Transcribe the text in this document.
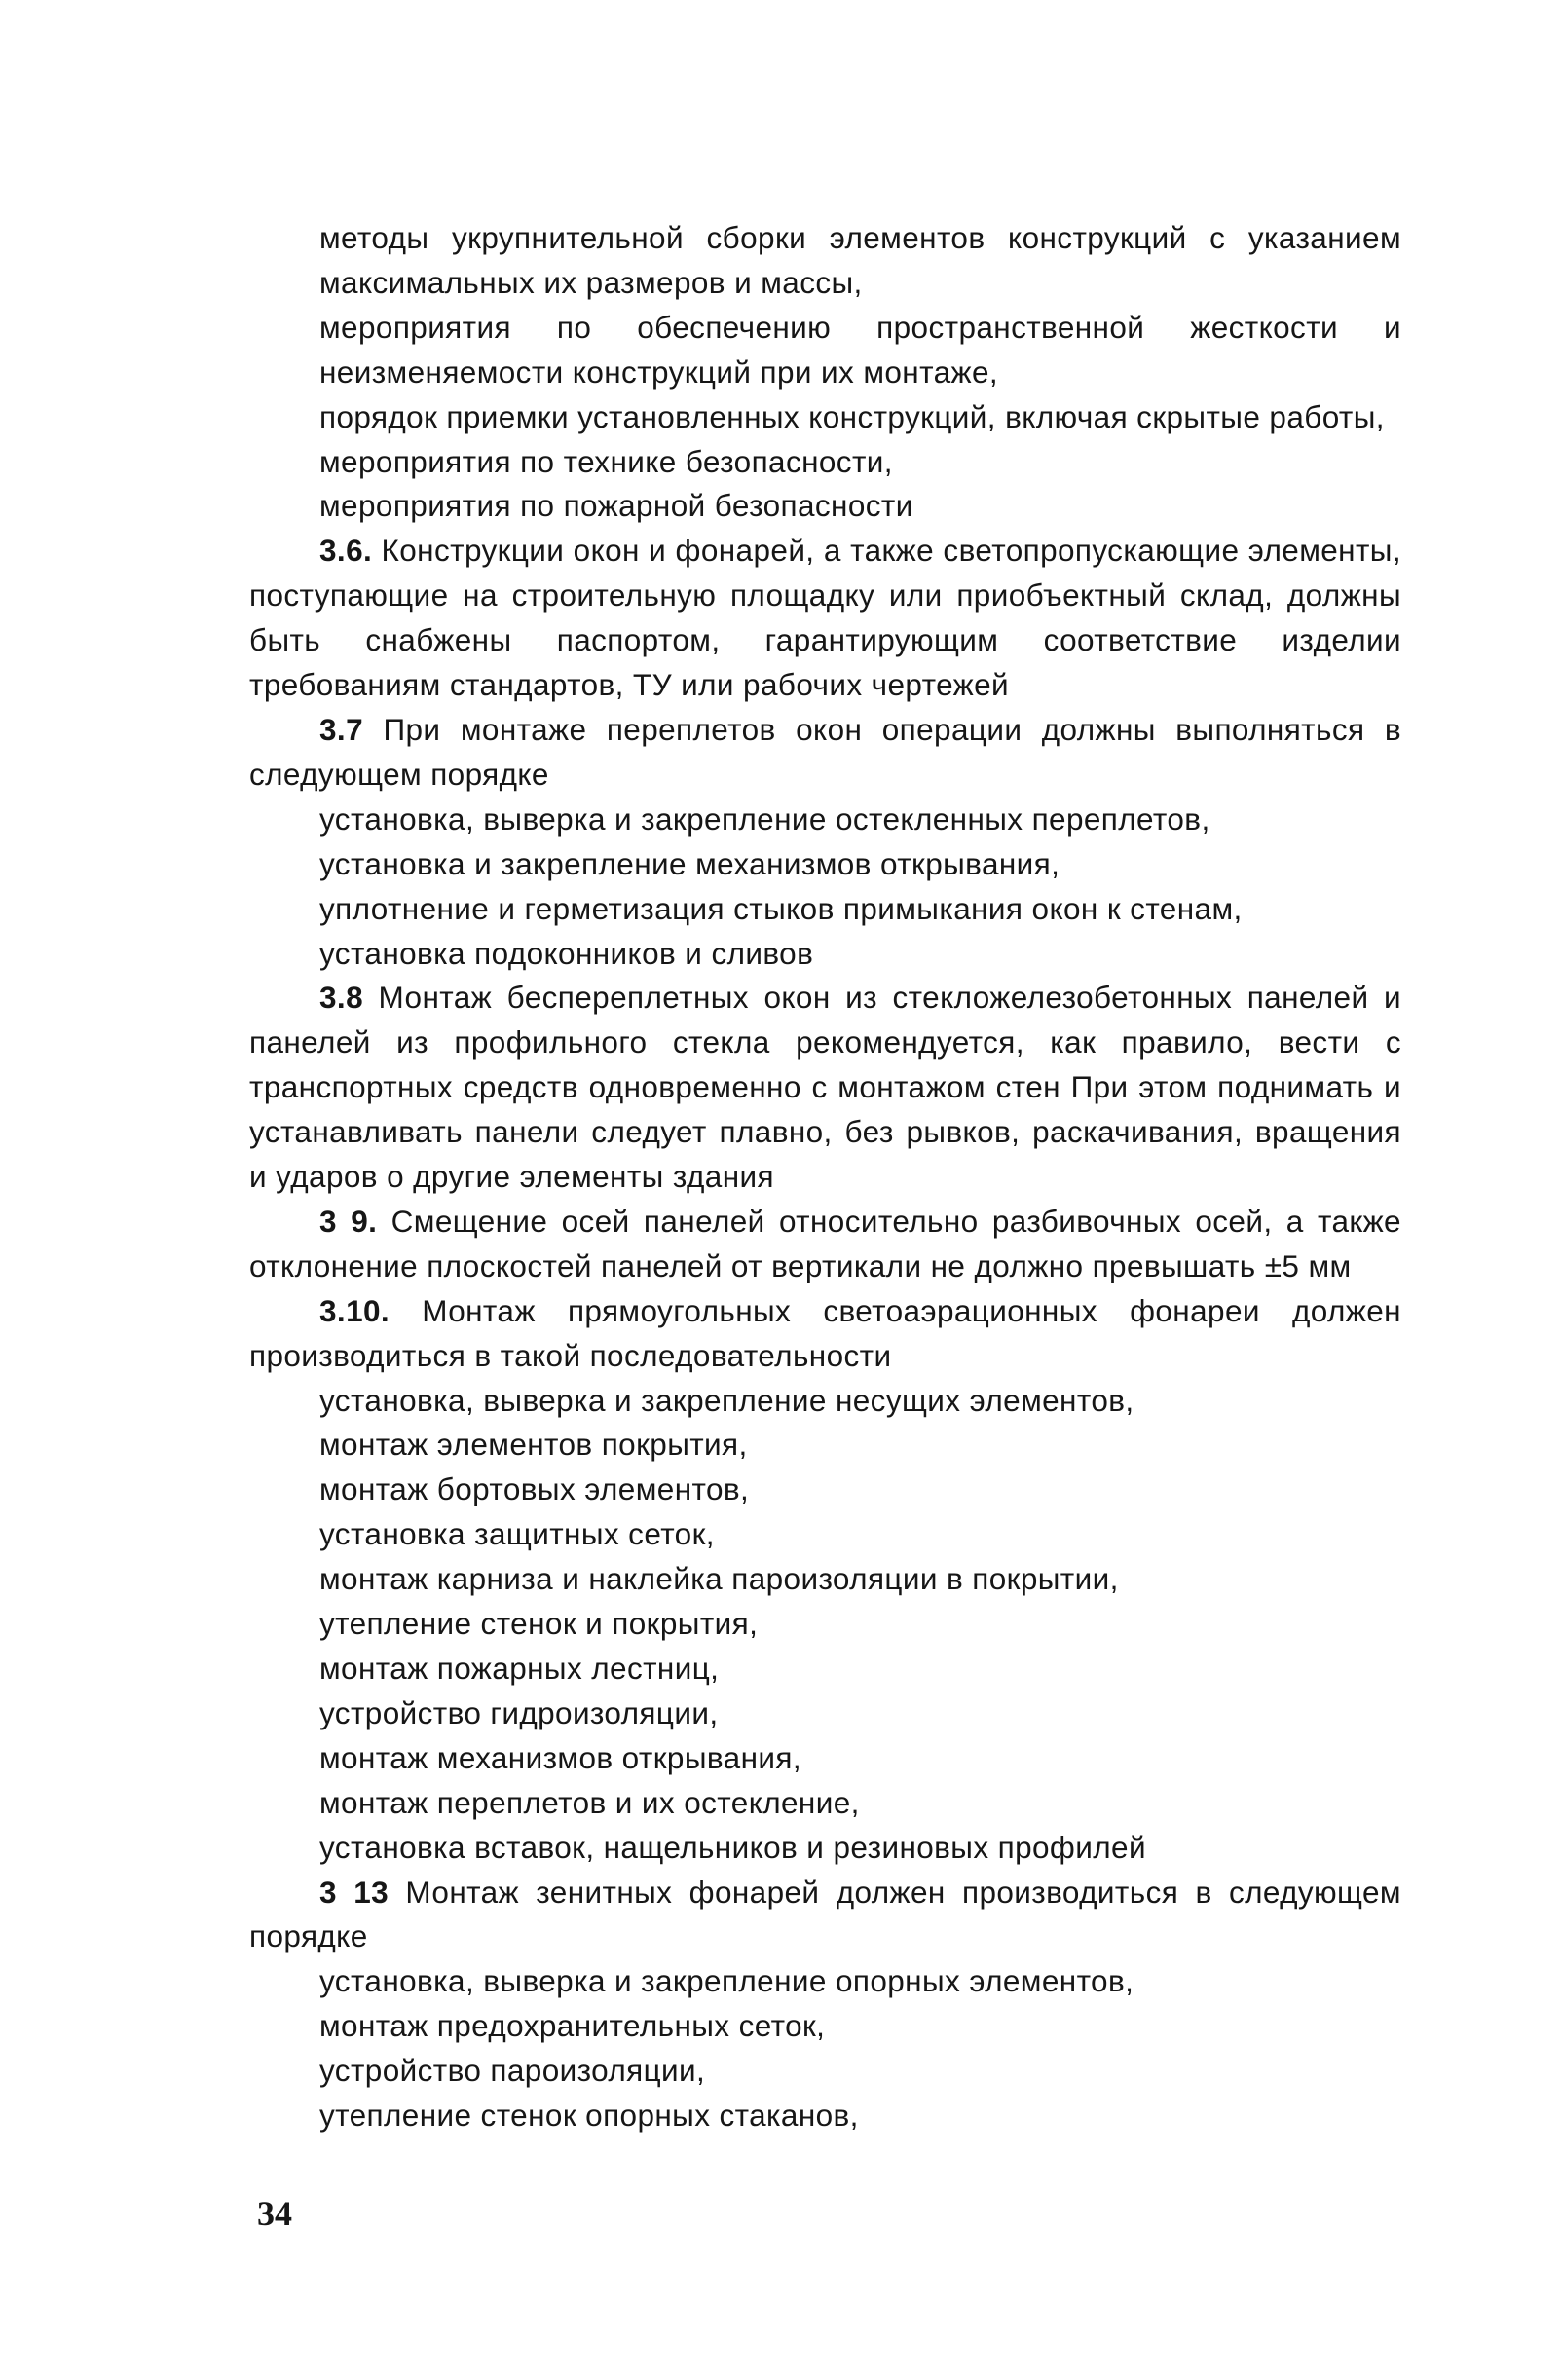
методы укрупнительной сборки элементов конструкций с указанием максимальных их размеров и массы,

мероприятия по обеспечению пространственной жесткости и неизменяемости конструкций при их монтаже,

порядок приемки установленных конструкций, включая скрытые работы,

мероприятия по технике безопасности,

мероприятия по пожарной безопасности

3.6. Конструкции окон и фонарей, а также светопропускающие элементы, поступающие на строительную площадку или приобъектный склад, должны быть снабжены паспортом, гарантирующим соответствие изделии требованиям стандартов, ТУ или рабочих чертежей

3.7 При монтаже переплетов окон операции должны выполняться в следующем порядке

установка, выверка и закрепление остекленных переплетов,

установка и закрепление механизмов открывания,

уплотнение и герметизация стыков примыкания окон к стенам,

установка подоконников и сливов

3.8 Монтаж беспереплетных окон из стекложелезобетонных панелей и панелей из профильного стекла рекомендуется, как правило, вести с транспортных средств одновременно с монтажом стен При этом поднимать и устанавливать панели следует плавно, без рывков, раскачивания, вращения и ударов о другие элементы здания

3 9. Смещение осей панелей относительно разбивочных осей, а также отклонение плоскостей панелей от вертикали не должно превышать ±5 мм

3.10. Монтаж прямоугольных светоаэрационных фонареи должен производиться в такой последовательности

установка, выверка и закрепление несущих элементов,

монтаж элементов покрытия,

монтаж бортовых элементов,

установка защитных сеток,

монтаж карниза и наклейка пароизоляции в покрытии,

утепление стенок и покрытия,

монтаж пожарных лестниц,

устройство гидроизоляции,

монтаж механизмов открывания,

монтаж переплетов и их остекление,

установка вставок, нащельников и резиновых профилей

3 13 Монтаж зенитных фонарей должен производиться в следующем порядке

установка, выверка и закрепление опорных элементов,

монтаж предохранительных сеток,

устройство пароизоляции,

утепление стенок опорных стаканов,

34
